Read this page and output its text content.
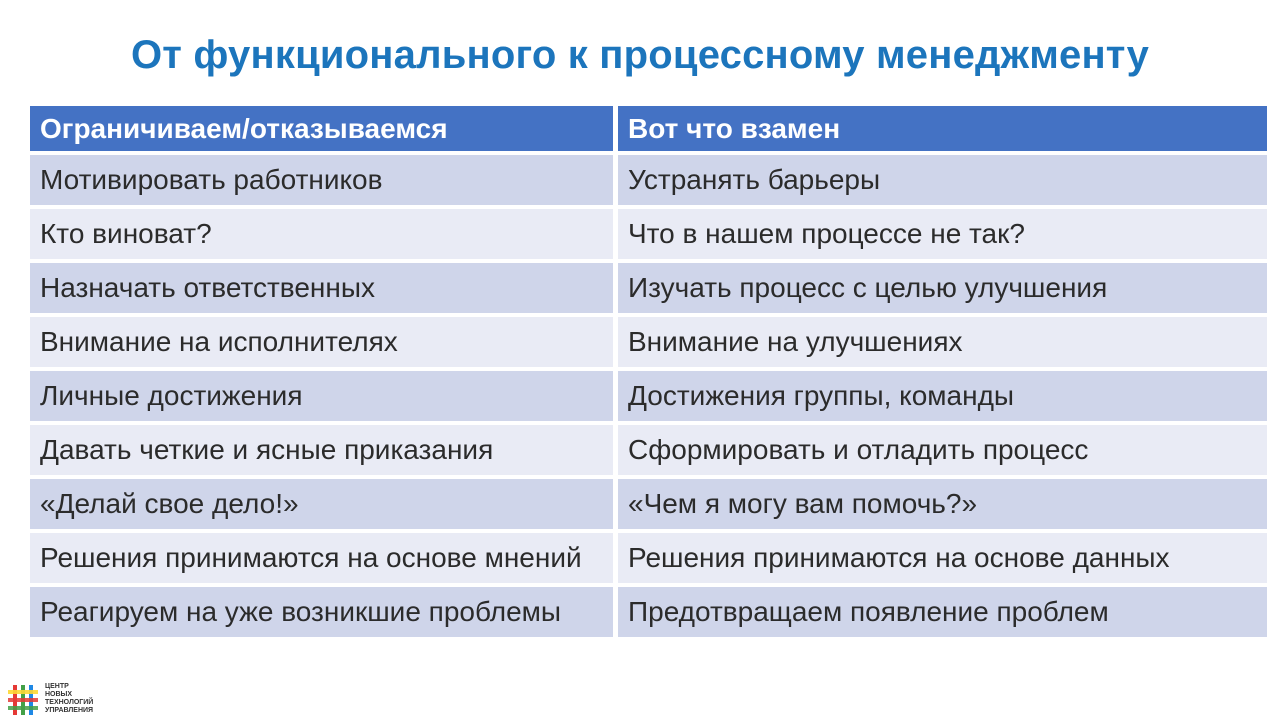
От функционального к процессному менеджменту
Ограничиваем/отказываемся	Вот что взамен
Мотивировать работников	Устранять барьеры
Кто виноват?	Что в нашем процессе не так?
Назначать ответственных	Изучать процесс с целью улучшения
Внимание на исполнителях	Внимание на улучшениях
Личные достижения	Достижения группы, команды
Давать четкие и ясные приказания	Сформировать и отладить процесс
«Делай свое дело!»	«Чем я могу вам помочь?»
Решения принимаются на основе мнений	Решения принимаются на основе данных
Реагируем на уже возникшие проблемы	Предотвращаем появление проблем
ЦЕНТР
НОВЫХ
ТЕХНОЛОГИЙ
УПРАВЛЕНИЯ
